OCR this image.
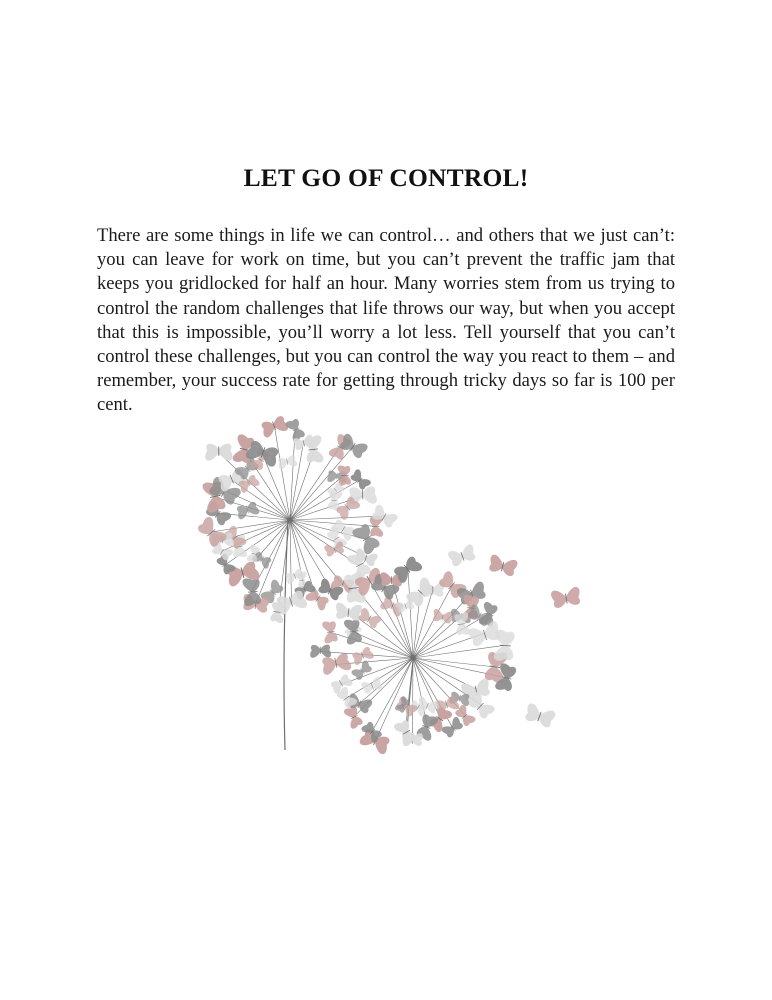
LET GO OF CONTROL!

There are some things in life we can control… and others that we just can’t: you can leave for work on time, but you can’t prevent the traffic jam that keeps you gridlocked for half an hour. Many worries stem from us trying to control the random challenges that life throws our way, but when you accept that this is impossible, you’ll worry a lot less. Tell yourself that you can’t control these challenges, but you can control the way you react to them – and remember, your success rate for getting through tricky days so far is 100 per cent.
